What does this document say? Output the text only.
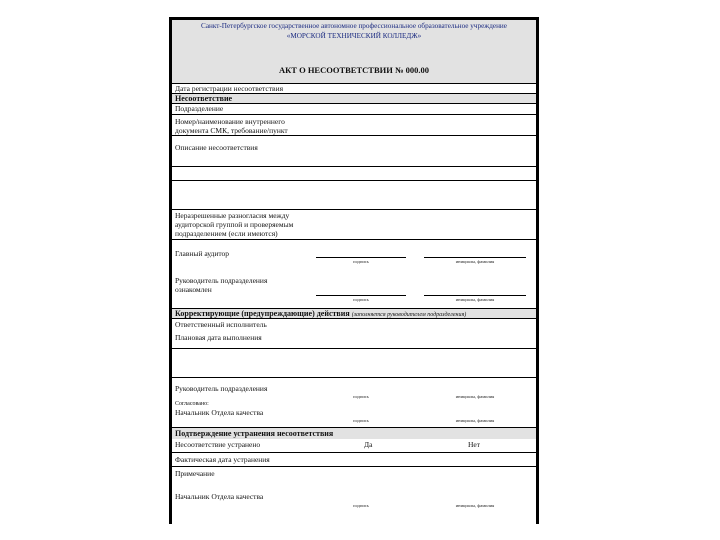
Санкт-Петербургское государственное автономное профессиональное образовательное учреждение
«МОРСКОЙ ТЕХНИЧЕСКИЙ КОЛЛЕДЖ»
АКТ О НЕСООТВЕТСТВИИ № 000.00
Дата регистрации несоответствия
Несоответствие
Подразделение
Номер/наименование внутреннего
документа СМК, требование/пункт
Описание несоответствия
Неразрешенные разногласия между
аудиторской группой и проверяемым
подразделением (если имеются)
Главный аудитор
подпись	инициалы, фамилия
Руководитель подразделения
ознакомлен
подпись	инициалы, фамилия
Корректирующие (предупреждающие) действия (заполняется руководителем подразделения)
Ответственный исполнитель
Плановая дата выполнения
Руководитель подразделения
подпись	инициалы, фамилия
Согласовано:
Начальник Отдела качества
подпись	инициалы, фамилия
Подтверждение устранения несоответствия
Несоответствие устранено	Да	Нет
Фактическая дата устранения
Примечание
Начальник Отдела качества
подпись	инициалы, фамилия
